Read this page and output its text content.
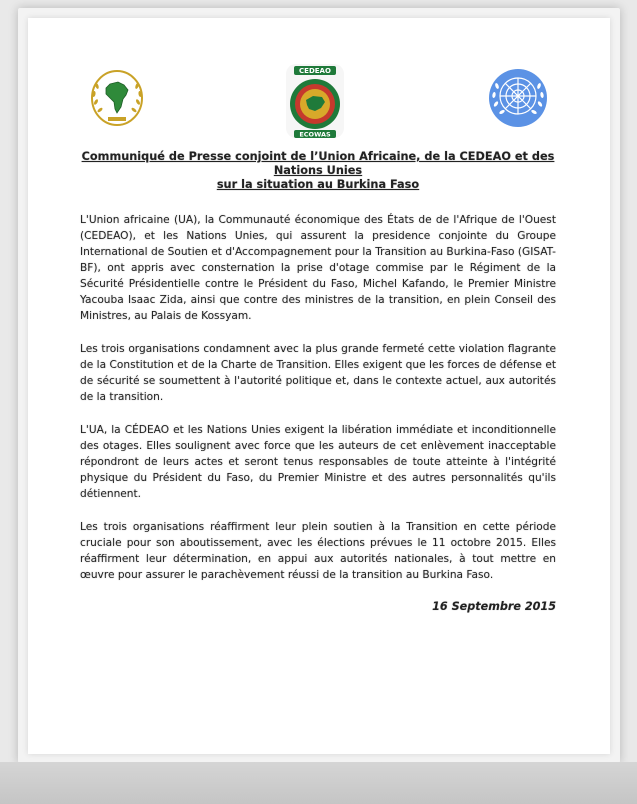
CEDEAO
ECOWAS
Communiqué de Presse conjoint de l’Union Africaine, de la CEDEAO et des Nations Unies
sur la situation au Burkina Faso

L'Union africaine (UA), la Communauté économique des États de de l'Afrique de l'Ouest (CEDEAO), et les Nations Unies, qui assurent la presidence conjointe du Groupe International de Soutien et d'Accompagnement pour la Transition au Burkina-Faso (GISAT-BF), ont appris avec consternation la prise d'otage commise par le Régiment de la Sécurité Présidentielle contre le Président du Faso, Michel Kafando, le Premier Ministre Yacouba Isaac Zida, ainsi que contre des ministres de la transition, en plein Conseil des Ministres, au Palais de Kossyam.

Les trois organisations condamnent avec la plus grande fermeté cette violation flagrante de la Constitution et de la Charte de Transition. Elles exigent que les forces de défense et de sécurité se soumettent à l'autorité politique et, dans le contexte actuel, aux autorités de la transition.

L'UA, la CÉDEAO et les Nations Unies exigent la libération immédiate et inconditionnelle des otages. Elles soulignent avec force que les auteurs de cet enlèvement inacceptable répondront de leurs actes et seront tenus responsables de toute atteinte à l'intégrité physique du Président du Faso, du Premier Ministre et des autres personnalités qu'ils détiennent.

Les trois organisations réaffirment leur plein soutien à la Transition en cette période cruciale pour son aboutissement, avec les élections prévues le 11 octobre 2015. Elles réaffirment leur détermination, en appui aux autorités nationales, à tout mettre en œuvre pour assurer le parachèvement réussi de la transition au Burkina Faso.

16 Septembre 2015
